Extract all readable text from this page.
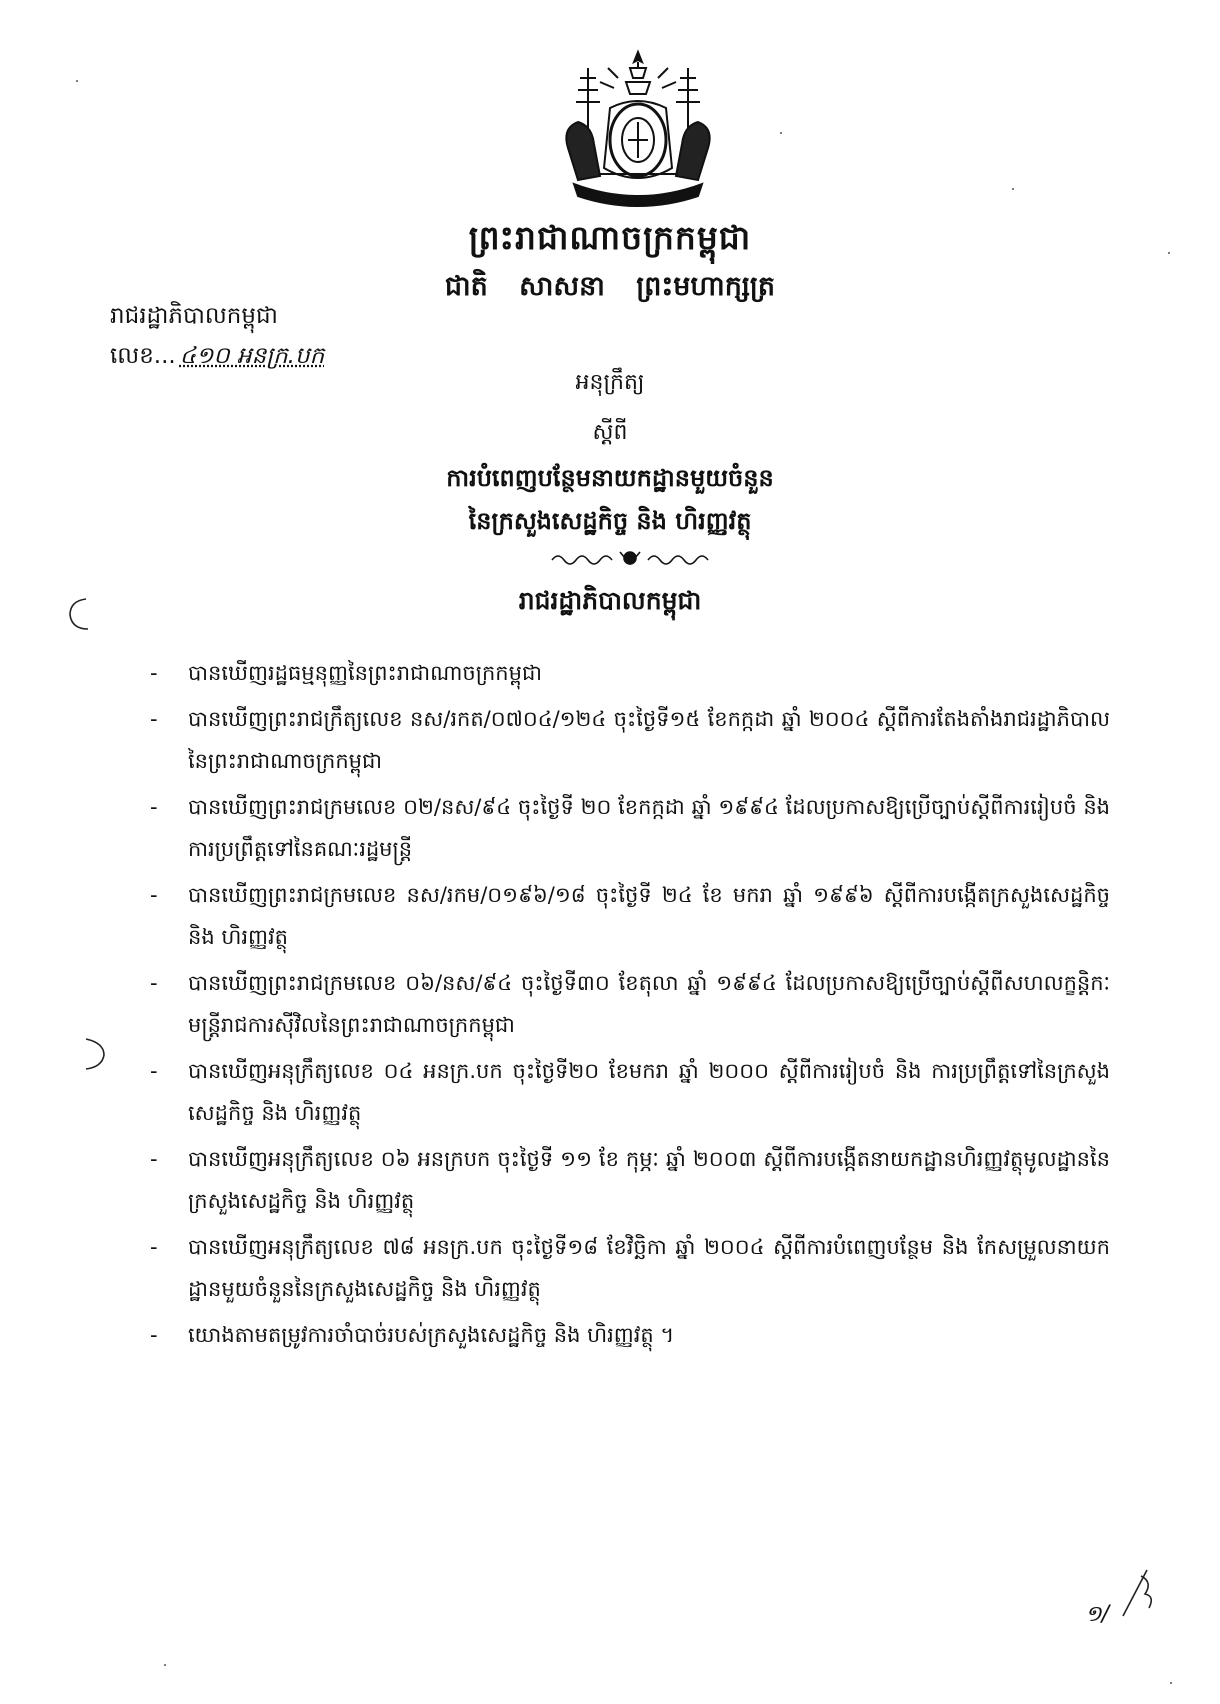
ព្រះរាជាណាចក្រកម្ពុជា
ជាតិ សាសនា ព្រះមហាក្សត្រ
រាជរដ្ឋាភិបាលកម្ពុជា
លេខ... ៤១០ អនក្រ.បក
អនុក្រឹត្យ
ស្តីពី
ការបំពេញបន្ថែមនាយកដ្ឋានមួយចំនួន
នៃក្រសួងសេដ្ឋកិច្ច និង ហិរញ្ញវត្ថុ
រាជរដ្ឋាភិបាលកម្ពុជា
- បានឃើញរដ្ឋធម្មនុញ្ញនៃព្រះរាជាណាចក្រកម្ពុជា
- បានឃើញព្រះរាជក្រឹត្យលេខ នស/រកត/០៧០៤/១២៤ ចុះថ្ងៃទី១៥ ខែកក្កដា ឆ្នាំ ២០០៤ ស្តីពីការតែងតាំងរាជរដ្ឋាភិបាលនៃព្រះរាជាណាចក្រកម្ពុជា
- បានឃើញព្រះរាជក្រមលេខ ០២/នស/៩៤ ចុះថ្ងៃទី ២០ ខែកក្កដា ឆ្នាំ ១៩៩៤ ដែលប្រកាសឱ្យប្រើច្បាប់ស្តីពីការរៀបចំ និង ការប្រព្រឹត្តទៅនៃគណៈរដ្ឋមន្ត្រី
- បានឃើញព្រះរាជក្រមលេខ នស/រកម/០១៩៦/១៨ ចុះថ្ងៃទី ២៤ ខែ មករា ឆ្នាំ ១៩៩៦ ស្តីពីការបង្កើតក្រសួងសេដ្ឋកិច្ច និង ហិរញ្ញវត្ថុ
- បានឃើញព្រះរាជក្រមលេខ ០៦/នស/៩៤ ចុះថ្ងៃទី៣០ ខែតុលា ឆ្នាំ ១៩៩៤ ដែលប្រកាសឱ្យប្រើច្បាប់ស្តីពីសហលក្ខន្តិកៈមន្ត្រីរាជការស៊ីវិលនៃព្រះរាជាណាចក្រកម្ពុជា
- បានឃើញអនុក្រឹត្យលេខ ០៤ អនក្រ.បក ចុះថ្ងៃទី២០ ខែមករា ឆ្នាំ ២០០០ ស្តីពីការរៀបចំ និង ការប្រព្រឹត្តទៅនៃក្រសួងសេដ្ឋកិច្ច និង ហិរញ្ញវត្ថុ
- បានឃើញអនុក្រឹត្យលេខ ០៦ អនក្របក ចុះថ្ងៃទី ១១ ខែ កុម្ភៈ ឆ្នាំ ២០០៣ ស្តីពីការបង្កើតនាយកដ្ឋានហិរញ្ញវត្ថុមូលដ្ឋាននៃក្រសួងសេដ្ឋកិច្ច និង ហិរញ្ញវត្ថុ
- បានឃើញអនុក្រឹត្យលេខ ៧៨ អនក្រ.បក ចុះថ្ងៃទី១៨ ខែវិច្ឆិកា ឆ្នាំ ២០០៤ ស្តីពីការបំពេញបន្ថែម និង កែសម្រួលនាយកដ្ឋានមួយចំនួននៃក្រសួងសេដ្ឋកិច្ច និង ហិរញ្ញវត្ថុ
- យោងតាមតម្រូវការចាំបាច់របស់ក្រសួងសេដ្ឋកិច្ច និង ហិរញ្ញវត្ថុ ។
១/
